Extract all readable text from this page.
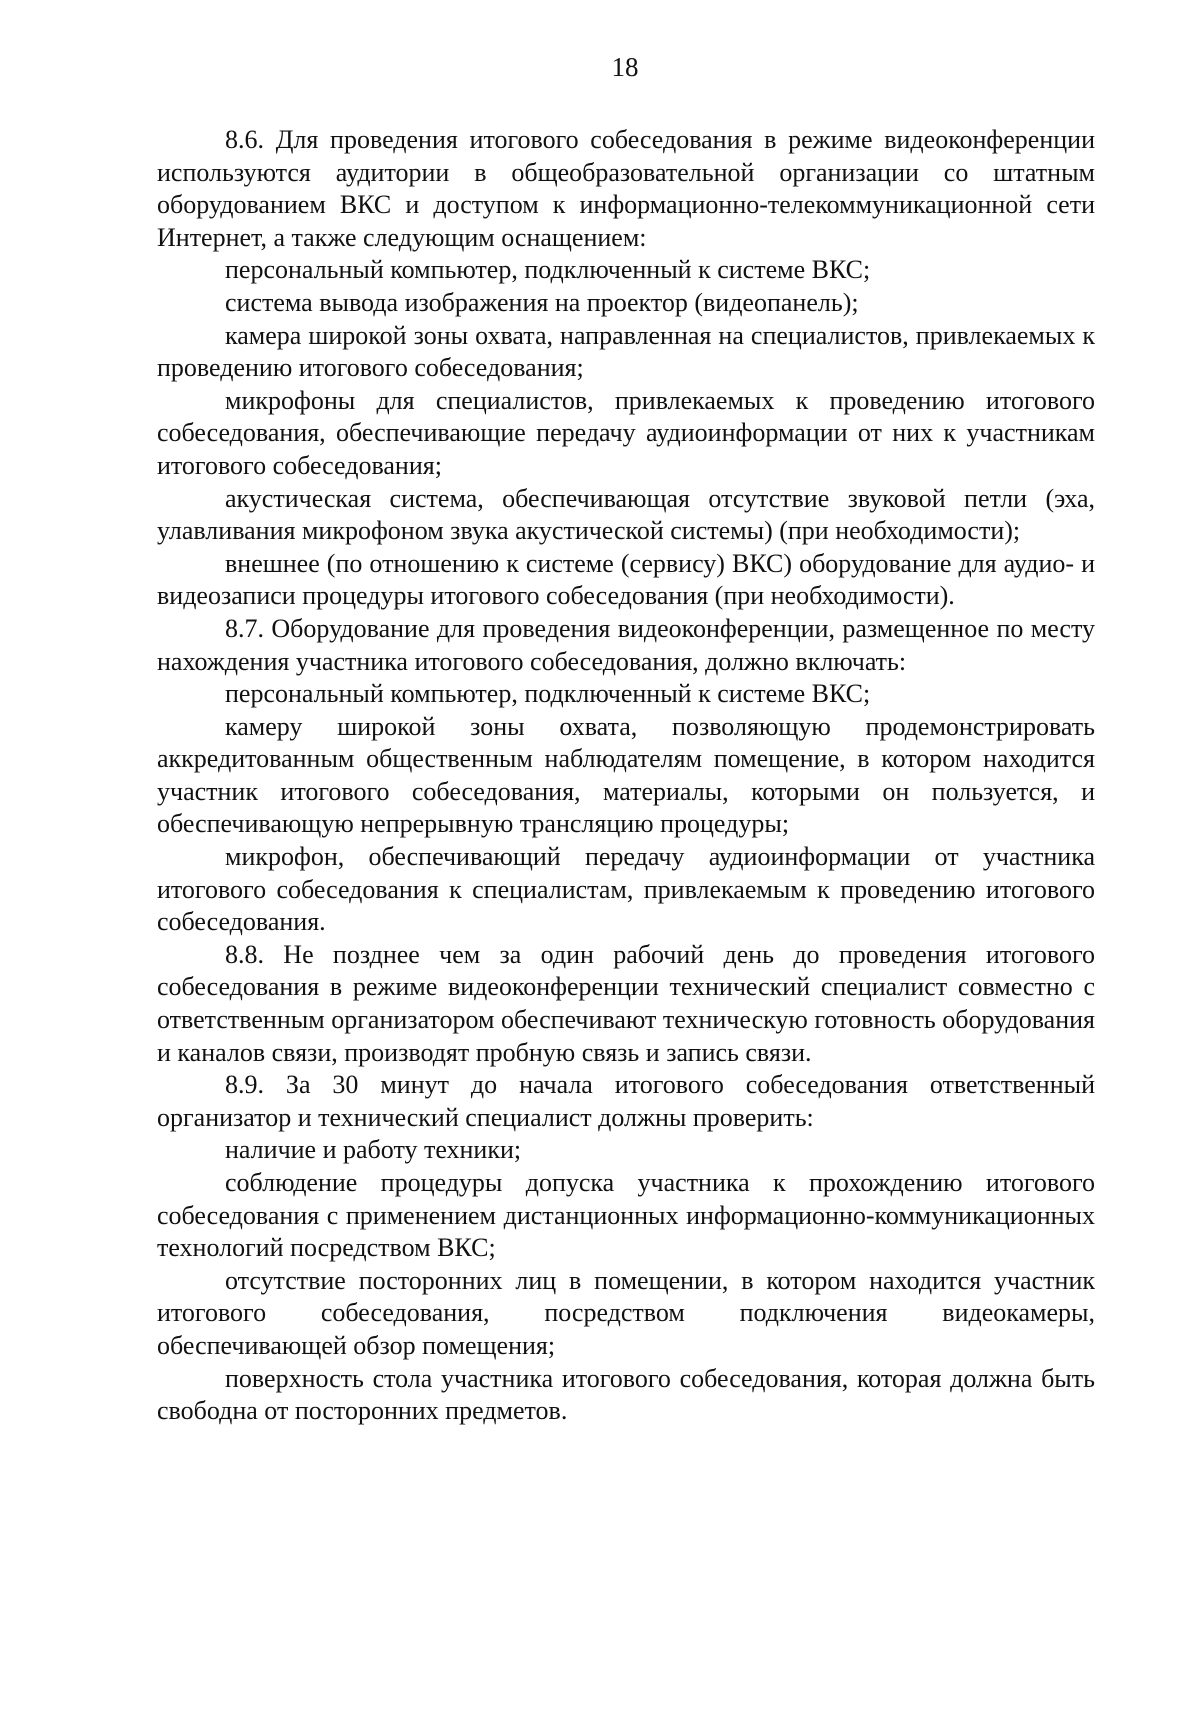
18

8.6. Для проведения итогового собеседования в режиме видеоконференции используются аудитории в общеобразовательной организации со штатным оборудованием ВКС и доступом к информационно-телекоммуникационной сети Интернет, а также следующим оснащением:

персональный компьютер, подключенный к системе ВКС;

система вывода изображения на проектор (видеопанель);

камера широкой зоны охвата, направленная на специалистов, привлекаемых к проведению итогового собеседования;

микрофоны для специалистов, привлекаемых к проведению итогового собеседования, обеспечивающие передачу аудиоинформации от них к участникам итогового собеседования;

акустическая система, обеспечивающая отсутствие звуковой петли (эха, улавливания микрофоном звука акустической системы) (при необходимости);

внешнее (по отношению к системе (сервису) ВКС) оборудование для аудио- и видеозаписи процедуры итогового собеседования (при необходимости).

8.7. Оборудование для проведения видеоконференции, размещенное по месту нахождения участника итогового собеседования, должно включать:

персональный компьютер, подключенный к системе ВКС;

камеру широкой зоны охвата, позволяющую продемонстрировать аккредитованным общественным наблюдателям помещение, в котором находится участник итогового собеседования, материалы, которыми он пользуется, и обеспечивающую непрерывную трансляцию процедуры;

микрофон, обеспечивающий передачу аудиоинформации от участника итогового собеседования к специалистам, привлекаемым к проведению итогового собеседования.

8.8. Не позднее чем за один рабочий день до проведения итогового собеседования в режиме видеоконференции технический специалист совместно с ответственным организатором обеспечивают техническую готовность оборудования и каналов связи, производят пробную связь и запись связи.

8.9. За 30 минут до начала итогового собеседования ответственный организатор и технический специалист должны проверить:

наличие и работу техники;

соблюдение процедуры допуска участника к прохождению итогового собеседования с применением дистанционных информационно-коммуникационных технологий посредством ВКС;

отсутствие посторонних лиц в помещении, в котором находится участник итогового собеседования, посредством подключения видеокамеры, обеспечивающей обзор помещения;

поверхность стола участника итогового собеседования, которая должна быть свободна от посторонних предметов.
